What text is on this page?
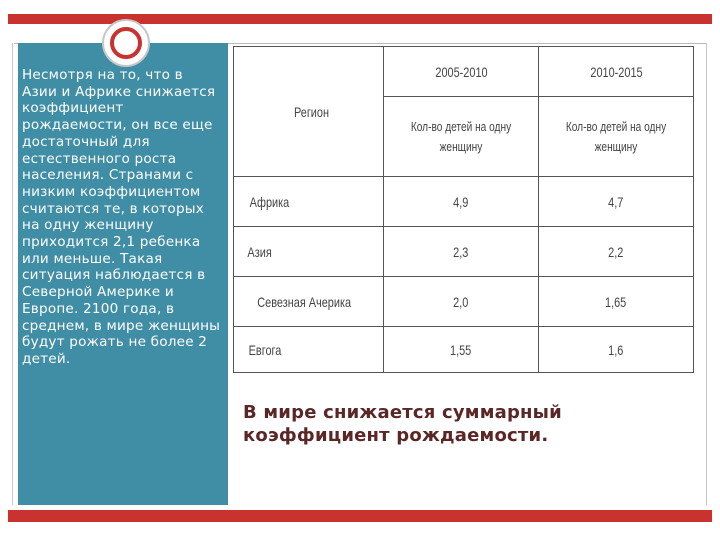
Несмотря на то, что в Азии и Африке снижается коэффициент рождаемости, он все еще достаточный для естественного роста населения. Странами с низким коэффициентом считаются те, в которых на одну женщину приходится 2,1 ребенка или меньше. Такая ситуация наблюдается в Северной Америке и Европе. 2100 года, в среднем, в мире женщины будут рожать не более 2 детей.

Регион	2005-2010	2010-2015
	Кол-во детей на одну женщину	Кол-во детей на одну женщину
Африка	4,9	4,7
Азия	2,3	2,2
Севезная Ачерика	2,0	1,65
Евгога	1,55	1,6

В мире снижается суммарный коэффициент рождаемости.
